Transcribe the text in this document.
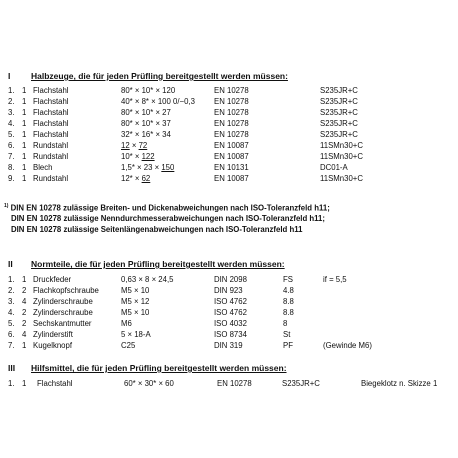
I Halbzeuge, die für jeden Prüfling bereitgestellt werden müssen:
1. 1 Flachstahl	80* × 10* × 120	EN 10278	S235JR+C
2. 1 Flachstahl	40* × 8* × 100 0/−0,3 EN 10278	S235JR+C
3. 1 Flachstahl	80* × 10* × 27	EN 10278	S235JR+C
4. 1 Flachstahl	80* × 10* × 37	EN 10278	S235JR+C
5. 1 Flachstahl	32* × 16* × 34	EN 10278	S235JR+C
6. 1 Rundstahl	12 × 72	EN 10087	11SMn30+C
7. 1 Rundstahl	10* × 122	EN 10087	11SMn30+C
8. 1 Blech	1,5* × 23 × 150	EN 10131	DC01-A
9. 1 Rundstahl	12* × 62	EN 10087	11SMn30+C
$^{1)}$ DIN EN 10278 zulässige Breiten- und Dickenabweichungen nach ISO-Toleranzfeld h11;
DIN EN 10278 zulässige Nenndurchmesserabweichungen nach ISO-Toleranzfeld h11;
DIN EN 10278 zulässige Seitenlängenabweichungen nach ISO-Toleranzfeld h11
II Normteile, die für jeden Prüfling bereitgestellt werden müssen:
1. 1 Druckfeder	0,63 × 8 × 24,5	DIN 2098	FS	if = 5,5
2. 2 Flachkopfschraube	M5 × 10	DIN 923	4.8
3. 4 Zylinderschraube	M5 × 12	ISO 4762	8.8
4. 2 Zylinderschraube	M5 × 10	ISO 4762	8.8
5. 2 Sechskantmutter	M6	ISO 4032	8
6. 4 Zylinderstift	5 × 18-A	ISO 8734	St
7. 1 Kugelknopf	C25	DIN 319	PF	(Gewinde M6)
III Hilfsmittel, die für jeden Prüfling bereitgestellt werden müssen:
1. 1 Flachstahl	60* × 30* × 60	EN 10278	S235JR+C	Biegeklotz n. Skizze 1
